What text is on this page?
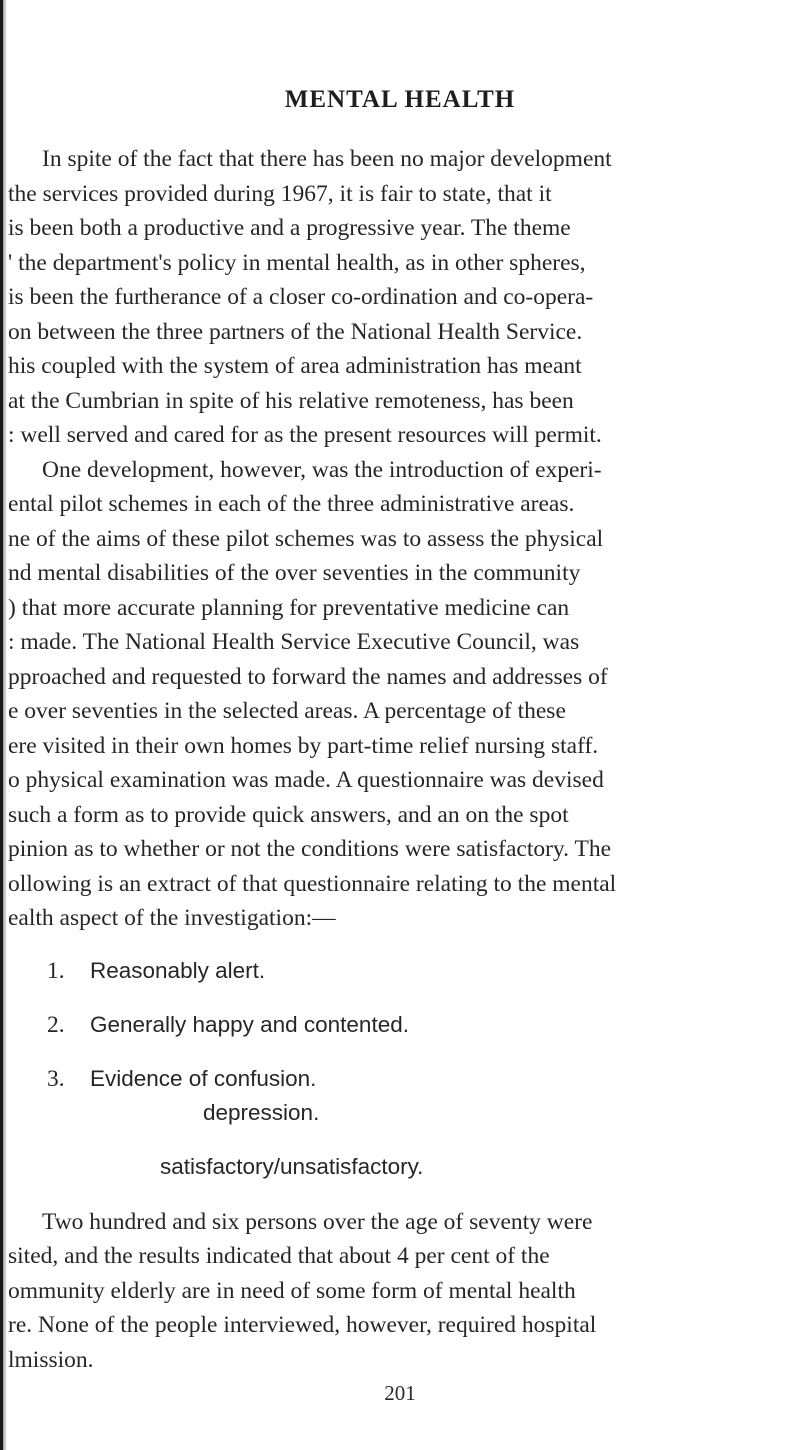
MENTAL HEALTH
In spite of the fact that there has been no major development
the services provided during 1967, it is fair to state, that it
is been both a productive and a progressive year. The theme
' the department's policy in mental health, as in other spheres,
is been the furtherance of a closer co-ordination and co-opera-
on between the three partners of the National Health Service.
his coupled with the system of area administration has meant
at the Cumbrian in spite of his relative remoteness, has been
: well served and cared for as the present resources will permit.
One development, however, was the introduction of experi-
ental pilot schemes in each of the three administrative areas.
ne of the aims of these pilot schemes was to assess the physical
nd mental disabilities of the over seventies in the community
) that more accurate planning for preventative medicine can
: made. The National Health Service Executive Council, was
pproached and requested to forward the names and addresses of
e over seventies in the selected areas. A percentage of these
ere visited in their own homes by part-time relief nursing staff.
o physical examination was made. A questionnaire was devised
such a form as to provide quick answers, and an on the spot
pinion as to whether or not the conditions were satisfactory. The
ollowing is an extract of that questionnaire relating to the mental
ealth aspect of the investigation:—
1. Reasonably alert.
2. Generally happy and contented.
3. Evidence of confusion.
depression.
satisfactory/unsatisfactory.
Two hundred and six persons over the age of seventy were
sited, and the results indicated that about 4 per cent of the
ommunity elderly are in need of some form of mental health
re. None of the people interviewed, however, required hospital
lmission.
201
